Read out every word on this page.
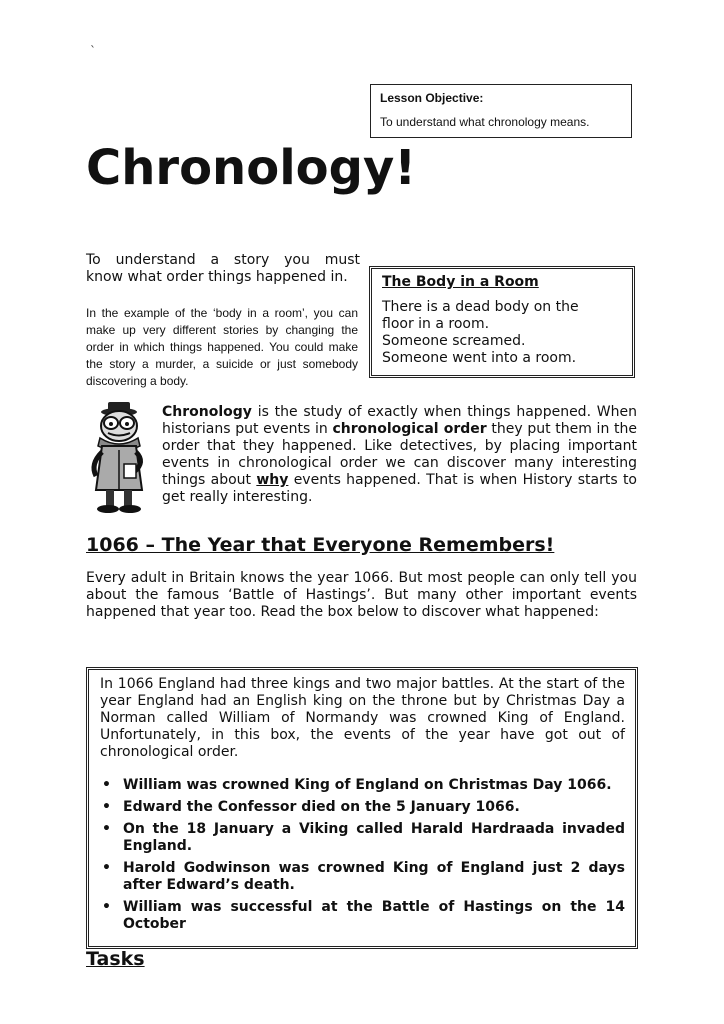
`
Lesson Objective:
To understand what chronology means.
Chronology!
To understand a story you must
know what order things happened in.
In the example of the ‘body in a room’, you can make up very different stories by changing the order in which things happened. You could make the story a murder, a suicide or just somebody discovering a body.
The Body in a Room
There is a dead body on the
floor in a room.
Someone screamed.
Someone went into a room.
Chronology is the study of exactly when things happened. When historians put events in chronological order they put them in the order that they happened. Like detectives, by placing important events in chronological order we can discover many interesting things about why events happened. That is when History starts to get really interesting.
1066 – The Year that Everyone Remembers!
Every adult in Britain knows the year 1066. But most people can only tell you about the famous ‘Battle of Hastings’. But many other important events happened that year too. Read the box below to discover what happened:

In 1066 England had three kings and two major battles. At the start of the year England had an English king on the throne but by Christmas Day a Norman called William of Normandy was crowned King of England. Unfortunately, in this box, the events of the year have got out of chronological order.

• William was crowned King of England on Christmas Day 1066.
• Edward the Confessor died on the 5 January 1066.
• On the 18 January a Viking called Harald Hardraada invaded England.
• Harold Godwinson was crowned King of England just 2 days after Edward’s death.
• William was successful at the Battle of Hastings on the 14 October
Tasks
